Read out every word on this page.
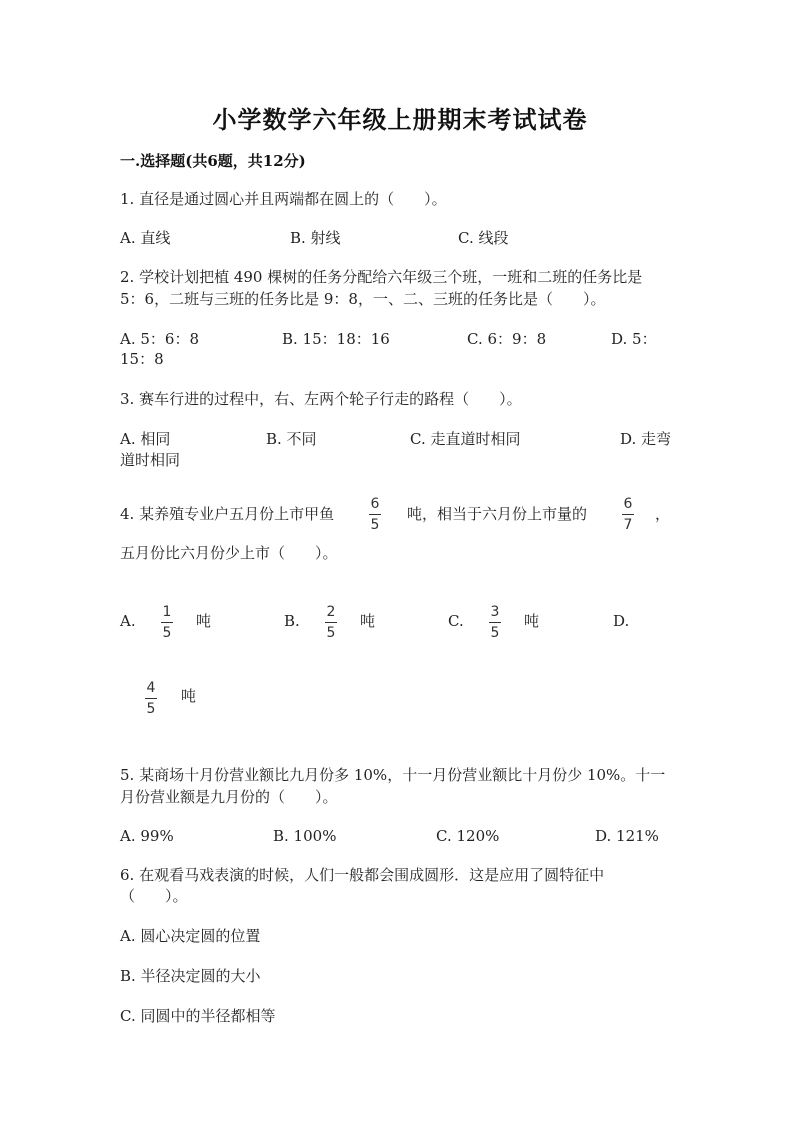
小学数学六年级上册期末考试试卷
一.选择题(共6题，共12分)
1. 直径是通过圆心并且两端都在圆上的（　　）。
A. 直线	B. 射线	C. 线段
2. 学校计划把植 490 棵树的任务分配给六年级三个班，一班和二班的任务比是
5：6，二班与三班的任务比是 9：8，一、二、三班的任务比是（　　）。
A. 5：6：8	B. 15：18：16	C. 6：9：8	D. 5：
15：8
3. 赛车行进的过程中，右、左两个轮子行走的路程（　　）。
A. 相同	B. 不同	C. 走直道时相同	D. 走弯
道时相同
4. 某养殖专业户五月份上市甲鱼
6
5
吨，相当于六月份上市量的
6
7
，
五月份比六月份少上市（　　）。
A. 1
5
吨	B. 2
5
吨	C. 3
5
吨	D.
4
5
吨
5. 某商场十月份营业额比九月份多 10%，十一月份营业额比十月份少 10%。十一
月份营业额是九月份的（　　）。
A. 99%	B. 100%	C. 120%	D. 121%
6. 在观看马戏表演的时候，人们一般都会围成圆形．这是应用了圆特征中
（　　）。
A. 圆心决定圆的位置
B. 半径决定圆的大小
C. 同圆中的半径都相等
